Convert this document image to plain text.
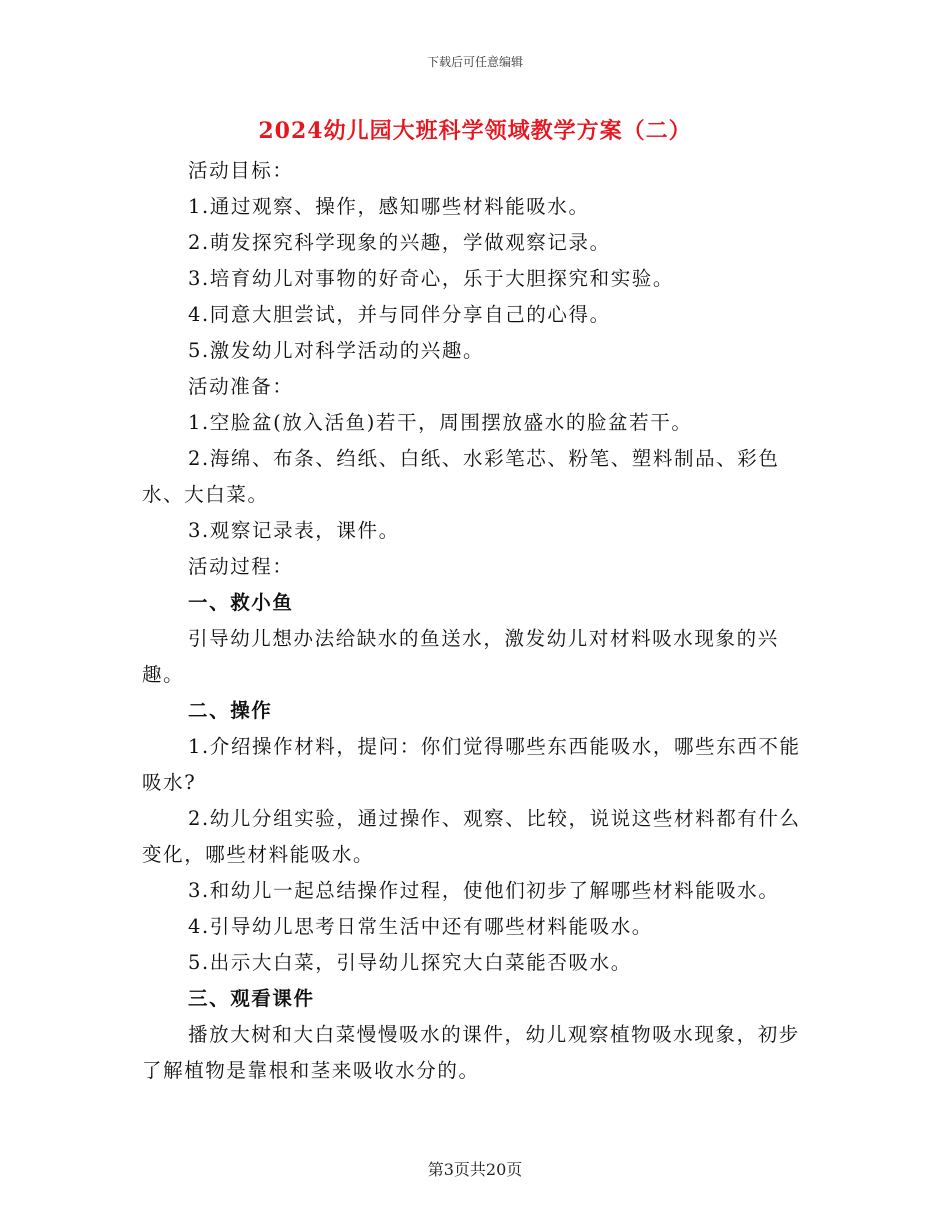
下载后可任意编辑
2024幼儿园大班科学领域教学方案（二）

活动目标：

1.通过观察、操作，感知哪些材料能吸水。

2.萌发探究科学现象的兴趣，学做观察记录。

3.培育幼儿对事物的好奇心，乐于大胆探究和实验。

4.同意大胆尝试，并与同伴分享自己的心得。

5.激发幼儿对科学活动的兴趣。

活动准备：

1.空脸盆(放入活鱼)若干，周围摆放盛水的脸盆若干。

2.海绵、布条、绉纸、白纸、水彩笔芯、粉笔、塑料制品、彩色水、大白菜。

3.观察记录表，课件。

活动过程：

一、救小鱼

引导幼儿想办法给缺水的鱼送水，激发幼儿对材料吸水现象的兴趣。

二、操作

1.介绍操作材料，提问：你们觉得哪些东西能吸水，哪些东西不能吸水?

2.幼儿分组实验，通过操作、观察、比较，说说这些材料都有什么变化，哪些材料能吸水。

3.和幼儿一起总结操作过程，使他们初步了解哪些材料能吸水。

4.引导幼儿思考日常生活中还有哪些材料能吸水。

5.出示大白菜，引导幼儿探究大白菜能否吸水。

三、观看课件

播放大树和大白菜慢慢吸水的课件，幼儿观察植物吸水现象，初步了解植物是靠根和茎来吸收水分的。

第3页共20页
